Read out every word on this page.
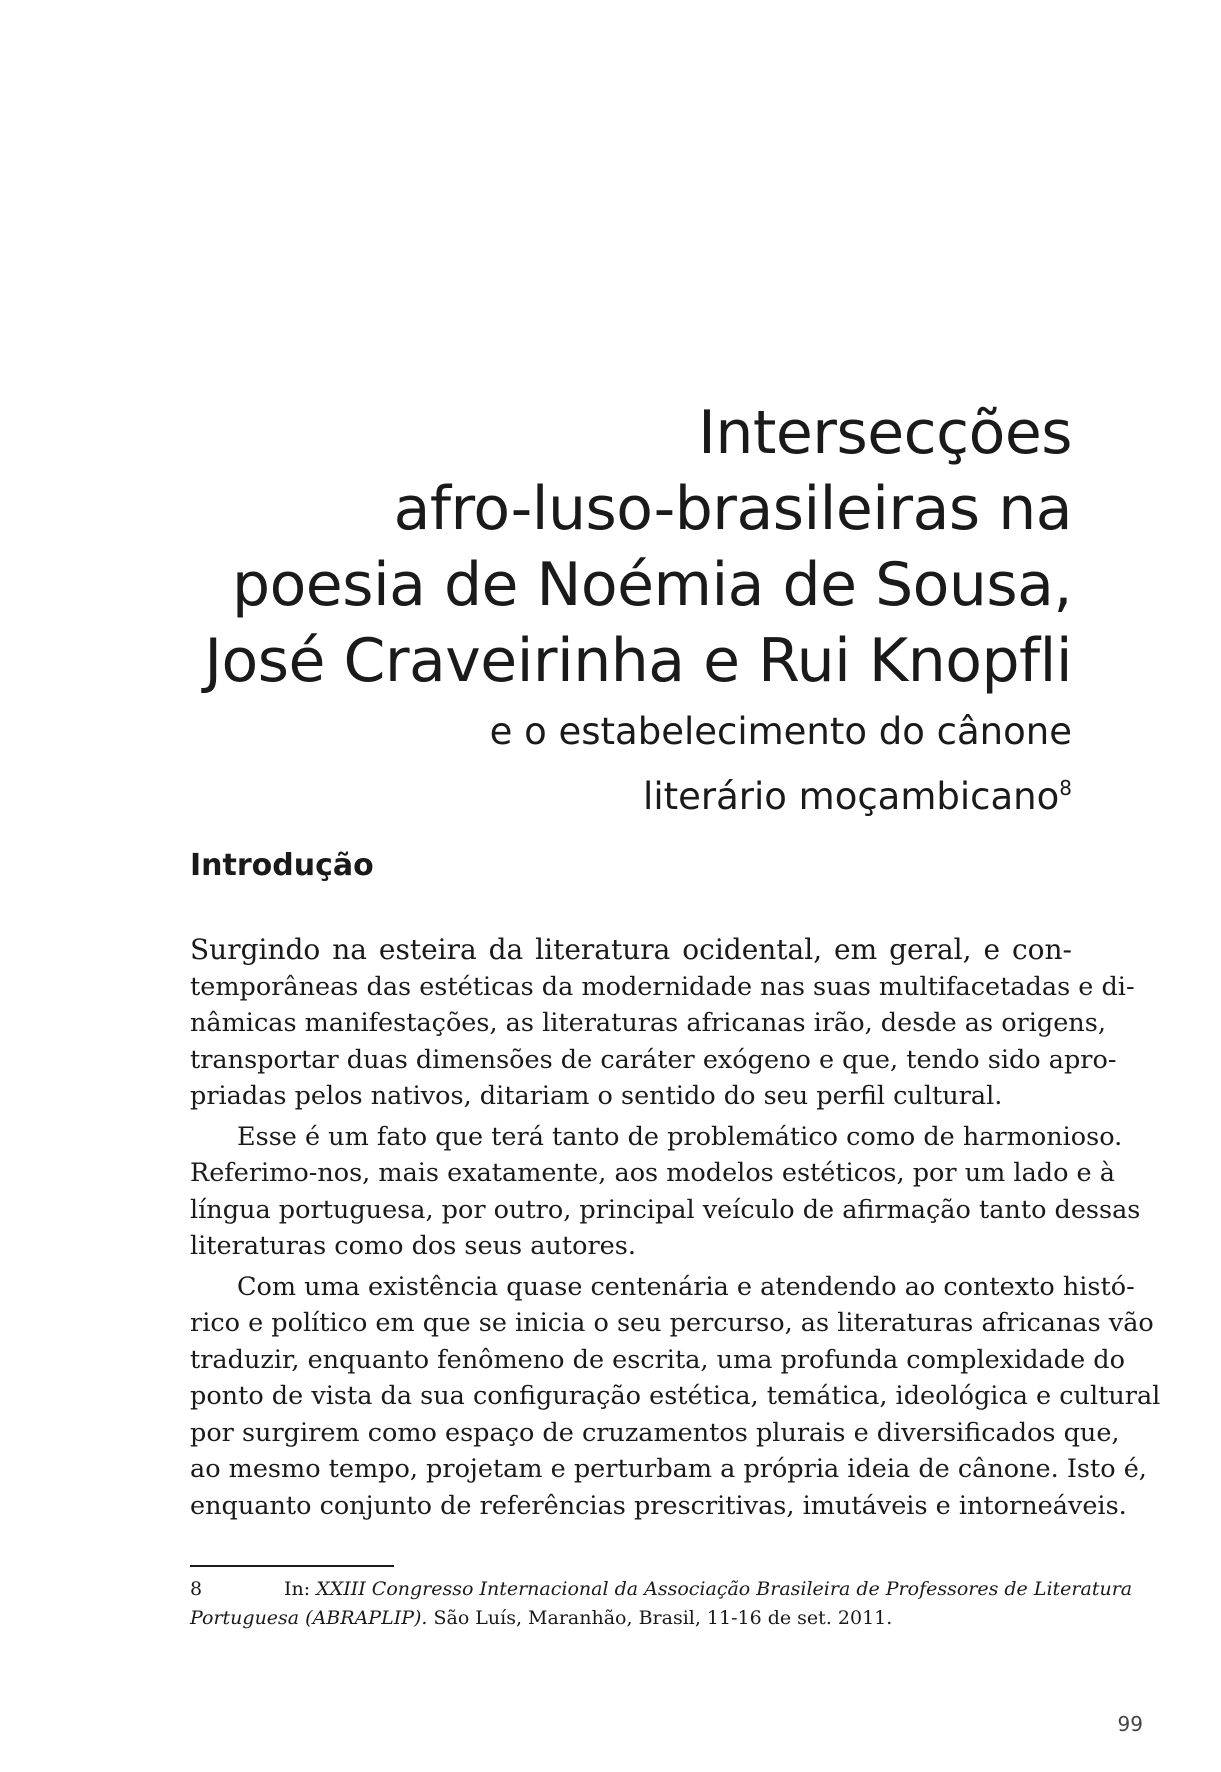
Intersecções
afro-luso-brasileiras na
poesia de Noémia de Sousa,
José Craveirinha e Rui Knopfli
e o estabelecimento do cânone
literário moçambicano$^8$
Introdução

Surgindo na esteira da literatura ocidental, em geral, e con-
temporâneas das estéticas da modernidade nas suas multifacetadas e di-
nâmicas manifestações, as literaturas africanas irão, desde as origens,
transportar duas dimensões de caráter exógeno e que, tendo sido apro-
priadas pelos nativos, ditariam o sentido do seu perfil cultural.

Esse é um fato que terá tanto de problemático como de harmonioso.
Referimo-nos, mais exatamente, aos modelos estéticos, por um lado e à
língua portuguesa, por outro, principal veículo de afirmação tanto dessas
literaturas como dos seus autores.

Com uma existência quase centenária e atendendo ao contexto histó-
rico e político em que se inicia o seu percurso, as literaturas africanas vão
traduzir, enquanto fenômeno de escrita, uma profunda complexidade do
ponto de vista da sua configuração estética, temática, ideológica e cultural
por surgirem como espaço de cruzamentos plurais e diversificados que,
ao mesmo tempo, projetam e perturbam a própria ideia de cânone. Isto é,
enquanto conjunto de referências prescritivas, imutáveis e intorneáveis.

8	In: XXIII Congresso Internacional da Associação Brasileira de Professores de Literatura
Portuguesa (ABRAPLIP). São Luís, Maranhão, Brasil, 11-16 de set. 2011.
99
